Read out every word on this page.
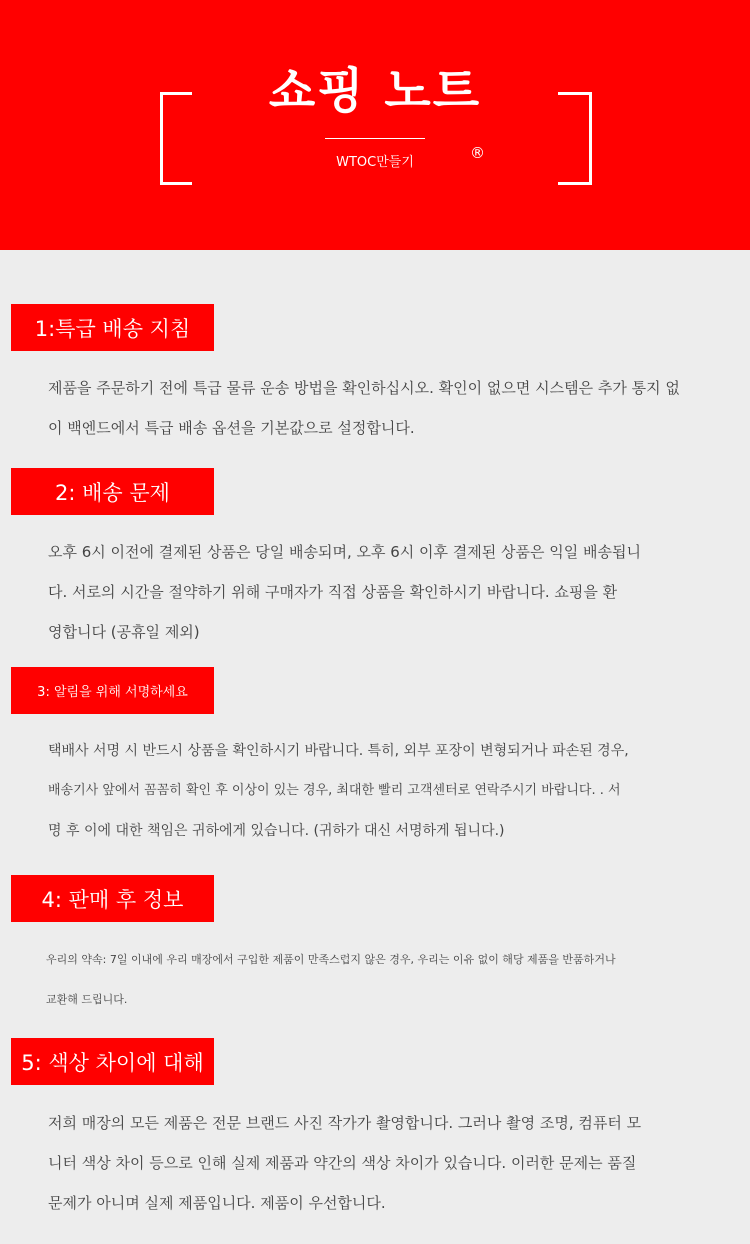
쇼핑 노트
WTOC만들기
®
1:특급 배송 지침
제품을 주문하기 전에 특급 물류 운송 방법을 확인하십시오. 확인이 없으면 시스템은 추가 통지 없
이 백엔드에서 특급 배송 옵션을 기본값으로 설정합니다.
2: 배송 문제
오후 6시 이전에 결제된 상품은 당일 배송되며, 오후 6시 이후 결제된 상품은 익일 배송됩니
다. 서로의 시간을 절약하기 위해 구매자가 직접 상품을 확인하시기 바랍니다. 쇼핑을 환
영합니다 (공휴일 제외)
3: 알림을 위해 서명하세요
택배사 서명 시 반드시 상품을 확인하시기 바랍니다. 특히, 외부 포장이 변형되거나 파손된 경우,
배송기사 앞에서 꼼꼼히 확인 후 이상이 있는 경우, 최대한 빨리 고객센터로 연락주시기 바랍니다. . 서
명 후 이에 대한 책임은 귀하에게 있습니다. (귀하가 대신 서명하게 됩니다.)
4: 판매 후 정보
우리의 약속: 7일 이내에 우리 매장에서 구입한 제품이 만족스럽지 않은 경우, 우리는 이유 없이 해당 제품을 반품하거나
교환해 드립니다.
5: 색상 차이에 대해
저희 매장의 모든 제품은 전문 브랜드 사진 작가가 촬영합니다. 그러나 촬영 조명, 컴퓨터 모
니터 색상 차이 등으로 인해 실제 제품과 약간의 색상 차이가 있습니다. 이러한 문제는 품질
문제가 아니며 실제 제품입니다. 제품이 우선합니다.
